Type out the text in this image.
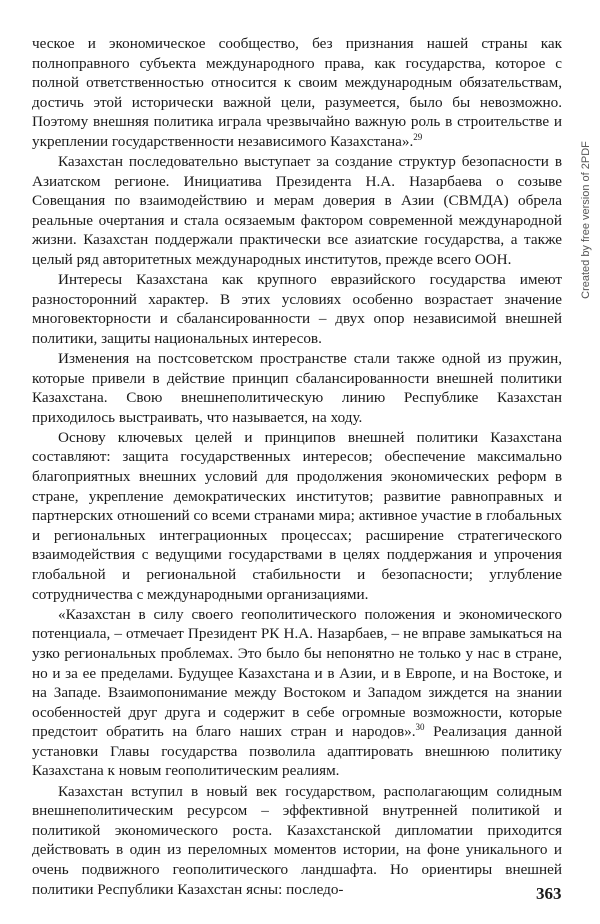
ческое и экономическое сообщество, без признания нашей страны как полноправного субъекта международного права, как государства, которое с полной ответственностью относится к своим международным обязательствам, достичь этой исторически важной цели, разумеется, было бы невозможно. Поэтому внешняя политика играла чрезвычайно важную роль в строительстве и укреплении государственности независимого Казахстана».$^{29}$

Казахстан последовательно выступает за создание структур безопасности в Азиатском регионе. Инициатива Президента Н.А. Назарбаева о созыве Совещания по взаимодействию и мерам доверия в Азии (СВМДА) обрела реальные очертания и стала осязаемым фактором современной международной жизни. Казахстан поддержали практически все азиатские государства, а также целый ряд авторитетных международных институтов, прежде всего ООН.

Интересы Казахстана как крупного евразийского государства имеют разносторонний характер. В этих условиях особенно возрастает значение многовекторности и сбалансированности – двух опор независимой внешней политики, защиты национальных интересов.

Изменения на постсоветском пространстве стали также одной из пружин, которые привели в действие принцип сбалансированности внешней политики Казахстана. Свою внешнеполитическую линию Республике Казахстан приходилось выстраивать, что называется, на ходу.

Основу ключевых целей и принципов внешней политики Казахстана составляют: защита государственных интересов; обеспечение максимально благоприятных внешних условий для продолжения экономических реформ в стране, укрепление демократических институтов; развитие равноправных и партнерских отношений со всеми странами мира; активное участие в глобальных и региональных интеграционных процессах; расширение стратегического взаимодействия с ведущими государствами в целях поддержания и упрочения глобальной и региональной стабильности и безопасности; углубление сотрудничества с международными организациями.

«Казахстан в силу своего геополитического положения и экономического потенциала, – отмечает Президент РК Н.А. Назарбаев, – не вправе замыкаться на узко региональных проблемах. Это было бы непонятно не только у нас в стране, но и за ее пределами. Будущее Казахстана и в Азии, и в Европе, и на Востоке, и на Западе. Взаимопонимание между Востоком и Западом зиждется на знании особенностей друг друга и содержит в себе огромные возможности, которые предстоит обратить на благо наших стран и народов».$^{30}$ Реализация данной установки Главы государства позволила адаптировать внешнюю политику Казахстана к новым геополитическим реалиям.

Казахстан вступил в новый век государством, располагающим солидным внешнеполитическим ресурсом – эффективной внутренней политикой и политикой экономического роста. Казахстанской дипломатии приходится действовать в один из переломных моментов истории, на фоне уникального и очень подвижного геополитического ландшафта. Но ориентиры внешней политики Республики Казахстан ясны: последо-	363
Created by free version of 2PDF
